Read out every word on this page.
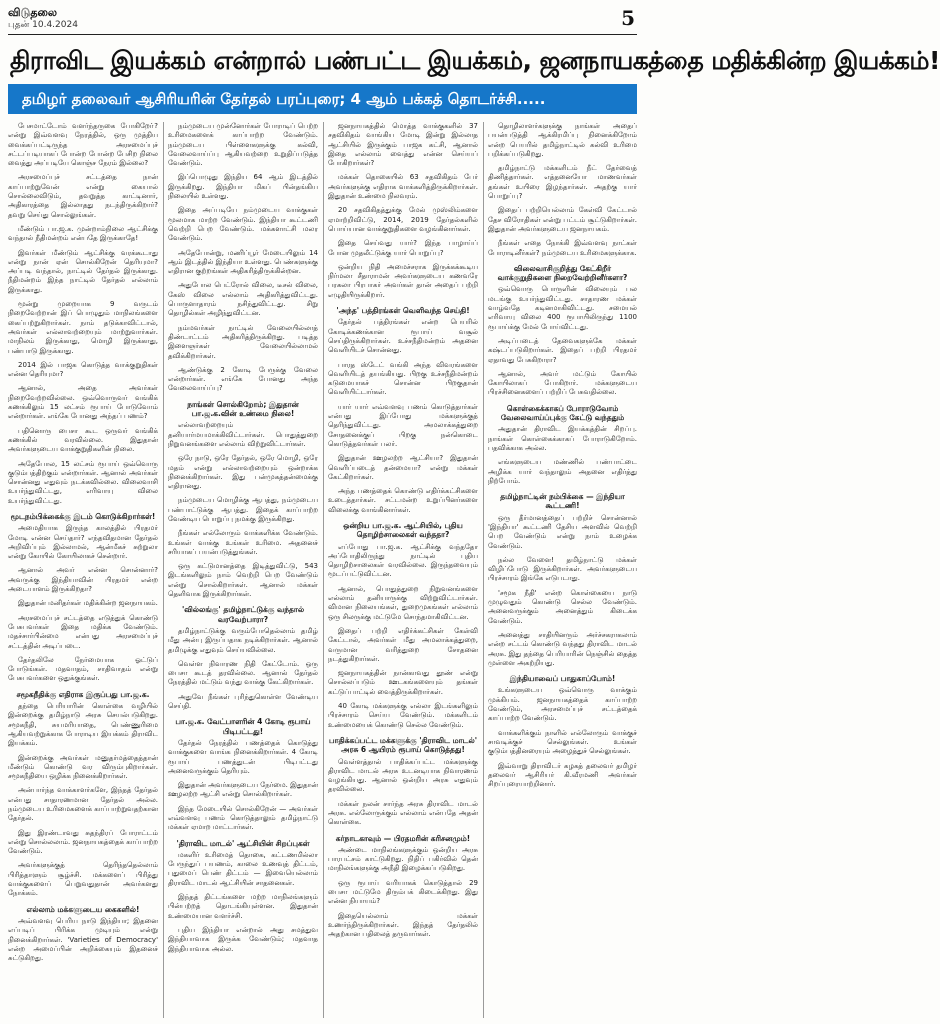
விடுதலை
புதன் 10.4.2024	5
திராவிட இயக்கம் என்றால் பண்பட்ட இயக்கம், ஜனநாயகத்தை மதிக்கின்ற இயக்கம்!
தமிழர் தலைவர் ஆசிரியரின் தேர்தல் பரப்புரை; 4 ஆம் பக்கத் தொடர்ச்சி.....

பேசமாட்டோம் வளர்ந்தருகை போகிறோ்? என்று இவ்வளவு நேரத்தில், ஒரு முத்திய வைக்கப்பட்டிருந்த அரசமைப்புச் சட்டப்படியாகப் போன்ற போன்ற பேசிற நிலை வைத்து அப்படியே கொஞ்ச நேரம் இல்லை?

அரசமைப்புச் சட்டத்தை நான் காப்பாற்றுவேன் என்று கையால் சொல்லைவிடும், தவறுத்த காட்டினார், அதிகாரத்தை இல்லாதது நடந்திருக்கிறார்? தவறு செய்து சொல்லுங்கள்.

மீண்டும் பா.ஜ.க. முன்றாம்நிலை ஆட்சிக்கு வந்தால் நீதிமன்றம் என்பதே இருக்காதே!

இவர்கள் மீண்டும் ஆட்சிக்கு வரக்கூடாது என்று நான் ஏன் சொல்கிறேன் தெரியுமா? அப்படி வந்தால், நாட்டில் தேர்தல் இருக்காது. நீதிமன்றம் இந்த நாட்டில் தேர்தல் எல்லாம் இருக்காது.

மூன்று முறையாக 9 வருடம் நிறைவேற்றான் இப் பொழுதும் மாநிலங்களை கைப்பற்றுகிறார்கள். நாம் தடுக்காவிட்டால், அவர்கள் எல்லாவற்றையும் மாற்றுவார்கள். மாநிலம் இருக்காது, மொழி இருக்காது, பண்பாடு இருக்காது.

2014 இல் பாஜக கொடுத்த வாக்குறுதிகள் என்ன தெரியுமா?

ஆனால், அதை அவர்கள் நிறைவேற்றவில்லை. ஒவ்வொருவர் வங்கிக் கணக்கிலும் 15 லட்சம் ரூபாய் போடுவோம் என்றார்கள். எங்கே போனது அந்தப் பணம்?

பதினொரு பைசா கூட ஒருவர் வங்கிக் கணக்கில் வரவில்லை. இதுதான் அவர்களுடைய வாக்குறுதிகளின் நிலை.

அதேபோல, 15 லட்சம் ரூபாய் ஒவ்வொரு குடும்பத்திற்கும் என்றார்கள். ஆனால் அவர்கள் சொன்னது எதுவும் நடக்கவில்லை. விலைவாசி உயர்ந்துவிட்டது, எரிவாயு விலை உயர்ந்துவிட்டது.

மூடநம்பிக்கைக்கு இடம் கொடுக்கிறார்கள்!

அமைதியாக இருந்த காலத்தில் பிரதமர் மோடி என்ன செய்தார்? எந்தவிதமான தேர்தல் அறிவிப்பும் இல்லாமல், ஆன்மீகச் சுற்றுலா என்று கோயில் கோயிலாகச் சென்றார்.

ஆனால் அவர் என்ன சொன்னார்? அவருக்கு இந்தியாவின் பிரதமர் என்ற அடையாளம் இருக்கிறதா?

இதுதான் மனிதர்கள் மதிக்கின்ற ஜனநாயகம்.

அரசமைப்புச் சட்டத்தை எடுத்துக் கொண்டு பேசுபவர்கள் இதை மதிக்க வேண்டும். மதச்சார்பின்மை என்பது அரசமைப்புச் சட்டத்தின் அடிப்படை.

தேர்தலிலே நேர்மையாக ஓட்டுப் போடுங்கள். மதவாதம், சாதிவாதம் என்று பேசுபவர்களை ஒதுக்குங்கள்.

சமூகநீதிக்கு எதிராக இருப்பது பா.ஜ.க.

தந்தை பெரியாரின் கொள்கை வழியில் இன்றைக்கு தமிழ்நாடு அரசு செயல்படுகிறது. சமூகநீதி, சுயமரியாதை, பெண்ணுரிமை ஆகியவற்றுக்காக போராடிய இயக்கம் திராவிட இயக்கம்.

இன்றைக்கு அவர்கள் மனுதர்மத்தைத்தான் மீண்டும் கொண்டு வர விரும்புகிறார்கள். சமூகநீதியை ஒழிக்க நினைக்கிறார்கள்.

அன்பார்ந்த வாக்காளர்களே, இந்தத் தேர்தல் என்பது சாதாரணமான தேர்தல் அல்ல. நம்முடைய உரிமைகளைக் காப்பாற்றுவதற்கான தேர்தல்.

இது இரண்டாவது சுதந்திரப் போராட்டம் என்று சொல்லலாம். ஜனநாயகத்தைக் காப்பாற்ற வேண்டும்.

அவர்களுக்குத் தெரிந்ததெல்லாம் பிரித்தாளும் சூழ்ச்சி. மக்களைப் பிரித்து வாக்குகளைப் பெறுவதுதான் அவர்களது நோக்கம்.

எல்லாம் மக்களுடைய கைகளில்!

அவ்வளவு பெரிய நாடு இந்தியா; இதனை எப்படிப் பிரிக்க முடியும் என்று நினைக்கிறார்கள். 'Varieties of Democracy' என்ற அமைப்பின் அறிக்கையும் இதனைச் சுட்டுகிறது.

நம்முடைய முன்னோர்கள் போராடிப் பெற்ற உரிமைகளைக் காப்பாற்ற வேண்டும். நம்முடைய பிள்ளைகளுக்கு கல்வி, வேலைவாய்ப்பு ஆகியவற்றை உறுதிப்படுத்த வேண்டும்.

இப்பொழுது இந்திய 64 ஆம் இடத்தில் இருக்கிறது. இந்தியா மிகப் பின்தங்கிய நிலையில் உள்ளது.

இதை அப்படியே நம்முடைய வாக்குகள் மூலமாக மாற்ற வேண்டும். இந்தியா கூட்டணி வெற்றி பெற வேண்டும். மக்களாட்சி மலர வேண்டும்.

அதேபோன்று, மணிப்பூர் மேடையிலும் 14 ஆம் இடத்தில் இந்தியா உள்ளது. பெண்களுக்கு எதிரான குற்றங்கள் அதிகரித்திருக்கின்றன.

அதுபோல பெட்ரோல் விலை, டீசல் விலை, கேஸ் விலை எல்லாம் அதிகரித்துவிட்டது. பொருளாதாரம் நசிந்துவிட்டது. சிறு தொழில்கள் அழிந்துவிட்டன.

நம்மவர்கள் நாட்டில் வேலையில்லாத் திண்டாட்டம் அதிகரித்திருக்கிறது. படித்த இளைஞர்கள் வேலையில்லாமல் தவிக்கிறார்கள்.

ஆண்டுக்கு 2 கோடி பேருக்கு வேலை என்றார்கள். எங்கே போனது அந்த வேலைவாய்ப்பு?

நாங்கள் சொல்கிறோம்; இதுதான் பா.ஜ.க.வின் உண்மை நிலை!

எல்லாவற்றையும் தனியார்மயமாக்கிவிட்டார்கள். பொதுத்துறை நிறுவனங்களை எல்லாம் விற்றுவிட்டார்கள்.

ஒரே நாடு, ஒரே தேர்தல், ஒரே மொழி, ஒரே மதம் என்று எல்லாவற்றையும் ஒன்றாக்க நினைக்கிறார்கள். இது பன்முகத்தன்மைக்கு எதிரானது.

நம்முடைய மொழிக்கு ஆபத்து, நம்முடைய பண்பாட்டுக்கு ஆபத்து. இதைக் காப்பாற்ற வேண்டிய பொறுப்பு நமக்கு இருக்கிறது.

நீங்கள் எல்லோரும் வாக்களிக்க வேண்டும். உங்கள் வாக்கு உங்கள் உரிமை. அதனைச் சரியாகப் பயன்படுத்துங்கள்.

ஒரு கட்டுமானத்தை இடித்துவிட்டு, 543 இடங்களிலும் நாம் வெற்றி பெற வேண்டும் என்று சொல்கிறார்கள். ஆனால் மக்கள் தெளிவாக இருக்கிறார்கள்.

'வில்லங்கு' தமிழ்நாட்டுக்கு வந்தால் வரவேற்பாரா?

தமிழ்நாட்டுக்கு வரும்போதெல்லாம் தமிழ் மீது அன்பு இருப்பதாக நடிக்கிறார்கள். ஆனால் தமிழுக்கு எதுவும் செய்யவில்லை.

வெள்ள நிவாரண நிதி கேட்டோம். ஒரு பைசா கூடத் தரவில்லை. ஆனால் தேர்தல் நேரத்தில் மட்டும் வந்து வாக்கு கேட்கிறார்கள்.

அதுவே நீங்கள் புரிந்துகொள்ள வேண்டிய செய்தி.

பா.ஜ.க. வேட்பாளரின் 4 கோடி ரூபாய் பிடிபட்டது!

தேர்தல் நேரத்தில் பணத்தைக் கொடுத்து வாக்குகளை வாங்க நினைக்கிறார்கள். 4 கோடி ரூபாய் பணத்துடன் பிடிபட்டது அனைவருக்கும் தெரியும்.

இதுதான் அவர்களுடைய நேர்மை. இதுதான் ஊழலற்ற ஆட்சி என்று சொல்கிறார்கள்.

இந்த மேடையில் சொல்கிறேன் — அவர்கள் எவ்வளவு பணம் கொடுத்தாலும் தமிழ்நாட்டு மக்கள் ஏமாற மாட்டார்கள்.

'திராவிட மாடல்' ஆட்சியின் சிறப்புகள்

மகளிர் உரிமைத் தொகை, கட்டணமில்லா பேருந்துப் பயணம், காலை உணவுத் திட்டம், புதுமைப் பெண் திட்டம் — இவையெல்லாம் திராவிட மாடல் ஆட்சியின் சாதனைகள்.

இந்தத் திட்டங்களை மற்ற மாநிலங்களும் பின்பற்றத் தொடங்கியுள்ளன. இதுதான் உண்மையான வளர்ச்சி.

புதிய இந்தியா என்றால் அது சமத்துவ இந்தியாவாக இருக்க வேண்டும்; மதவாத இந்தியாவாக அல்ல.

ஜனநாயகத்தில் மொத்த வாக்குகளில் 37 சதவிகிதம் வாங்கிய மோடி இன்று இல்லாத ஆட்சியில் இருக்கும் பாஜக கட்சி, ஆனால் இதை எல்லாம் வைத்து என்ன செய்யப் போகிறார்கள்?

மக்கள் தொகையில் 63 சதவிகிதம் பேர் அவர்களுக்கு எதிராக வாக்களித்திருக்கிறார்கள். இதுதான் உண்மை நிலவரம்.

20 சதவிகிதத்துக்கு மேல் முஸ்லிம்களை ஏமாற்றிவிட்டு, 2014, 2019 தேர்தல்களில் பொய்யான வாக்குறுதிகளை வழங்கினார்கள்.

இதை செய்வது யார்? இந்த பாழாய்ப் போன முதலீட்டுக்கு யார் பொறுப்பு?

ஒன்றிய நிதி அமைச்சராக இருக்கக்கூடிய நிர்மலா சீதாராமன் அவர்களுடைய கணவரே பரகலா பிரபாகர் அவர்கள் தான் அதைப் பற்றி எழுதியிருக்கிறார்.

'அந்த' பத்திரங்கள் வெளிவந்த செய்தி!

தேர்தல் பத்திரங்கள் என்ற பெயரில் கோடிக்கணக்கான ரூபாய் வசூல் செய்திருக்கிறார்கள். உச்சநீதிமன்றம் அதனை வெளியிடச் சொன்னது.

பாரத ஸ்டேட் வங்கி அந்த விவரங்களை வெளியிடத் தயங்கியது. பிறகு உச்சநீதிமன்றம் கடுமையாகச் சொன்ன பிறகுதான் வெளியிட்டார்கள்.

யார் யார் எவ்வளவு பணம் கொடுத்தார்கள் என்பது இப்போது மக்களுக்குத் தெரிந்துவிட்டது. அமலாக்கத்துறை சோதனைக்குப் பிறகு நன்கொடை கொடுத்தவர்கள் பலர்.

இதுதான் ஊழலற்ற ஆட்சியா? இதுதான் வெளிப்படைத் தன்மையா? என்று மக்கள் கேட்கிறார்கள்.

அந்த பணத்தைக் கொண்டு எதிர்க்கட்சிகளை உடைத்தார்கள். சட்டமன்ற உறுப்பினர்களை விலைக்கு வாங்கினார்கள்.

ஒன்றிய பா.ஜ.க. ஆட்சியில், புதிய தொழிற்சாலைகள் வந்ததா?

எப்போது பா.ஜ.க. ஆட்சிக்கு வந்ததோ அப்போதிலிருந்து நாட்டில் புதிய தொழிற்சாலைகள் வரவில்லை. இருந்தவையும் மூடப்பட்டுவிட்டன.

ஆனால், பொதுத்துறை நிறுவனங்களை எல்லாம் தனியாருக்கு விற்றுவிட்டார்கள். விமான நிலையங்கள், துறைமுகங்கள் எல்லாம் ஒரு சிலருக்கு மட்டுமே சொந்தமாகிவிட்டன.

இதைப் பற்றி எதிர்க்கட்சிகள் கேள்வி கேட்டால், அவர்கள் மீது அமலாக்கத்துறை, வருமான வரித்துறை சோதனை நடத்துகிறார்கள்.

ஜனநாயகத்தின் நான்காவது தூண் என்று சொல்லப்படும் ஊடகங்களையும் தங்கள் கட்டுப்பாட்டில் வைத்திருக்கிறார்கள்.

40 கோடி மக்களுக்கு எல்லா இடங்களிலும் பிரச்சாரம் செய்ய வேண்டும். மக்களிடம் உண்மையைக் கொண்டு செல்ல வேண்டும்.

பாதிக்கப்பட்ட மக்களுக்கு 'திராவிட மாடல்' அரசு 6 ஆயிரம் ரூபாய் கொடுத்தது!

வெள்ளத்தால் பாதிக்கப்பட்ட மக்களுக்கு திராவிட மாடல் அரசு உடனடியாக நிவாரணம் வழங்கியது. ஆனால் ஒன்றிய அரசு எதுவும் தரவில்லை.

மக்கள் நலன் சார்ந்த அரசு திராவிட மாடல் அரசு. எல்லோருக்கும் எல்லாம் என்பதே அதன் கொள்கை.

கர்நாடகாவும் — பிரதமரின் கரிசனமும்!

அண்டை மாநிலங்களுக்கும் ஒன்றிய அரசு பாரபட்சம் காட்டுகிறது. நிதிப் பகிர்வில் தென் மாநிலங்களுக்கு அநீதி இழைக்கப்படுகிறது.

ஒரு ரூபாய் வரியாகக் கொடுத்தால் 29 பைசா மட்டுமே திரும்பக் கிடைக்கிறது. இது என்ன நியாயம்?

இதையெல்லாம் மக்கள் உணர்ந்திருக்கிறார்கள். இந்தத் தேர்தலில் அதற்கான பதிலைத் தருவார்கள்.

தொழிலாளர்களுக்கு நாங்கள் அதைப் பயன்படுத்தி ஆக்கிரமிப்பு நினைக்கிறோம் என்ற பெயரில் தமிழ்நாட்டில் கல்வி உரிமை பறிக்கப்படுகிறது.

தமிழ்நாட்டு மக்களிடம் நீட் தேர்வைத் திணித்தார்கள். எத்தனையோ மாணவர்கள் தங்கள் உயிரை இழந்தார்கள். அதற்கு யார் பொறுப்பு?

இதைப் பற்றியெல்லாம் கேள்வி கேட்டால் தேச விரோதிகள் என்று பட்டம் சூட்டுகிறார்கள். இதுதான் அவர்களுடைய ஜனநாயகம்.

நீங்கள் எதை நோக்கி இவ்வளவு நாட்கள் போராடினீர்கள்? நம்முடைய உரிமைகளுக்காக.

விலைவாசிகுறித்து கேட்கிறீர் வாக்குறுதிகளை நிறைவேற்றினீர்களா?

ஒவ்வொரு பொருளின் விலையும் பல மடங்கு உயர்ந்துவிட்டது. சாதாரண மக்கள் வாழ்வதே கடினமாகிவிட்டது. சமையல் எரிவாயு விலை 400 ரூபாயிலிருந்து 1100 ரூபாய்க்கு மேல் போய்விட்டது.

அடிப்படைத் தேவைகளுக்கே மக்கள் கஷ்டப்படுகிறார்கள். இதைப் பற்றி பிரதமர் ஏதாவது பேசுகிறாரா?

ஆனால், அவர் மட்டும் கோயில் கோயிலாகப் போகிறார். மக்களுடைய பிரச்சினைகளைப் பற்றிப் பேசுவதில்லை.

கொள்கைக்காகப் போராடுவோம் வேலைவாய்ப்புக்கு கேட்டு வந்ததும்

அதுதான் திராவிட இயக்கத்தின் சிறப்பு. நாங்கள் கொள்கைக்காகப் போராடுகிறோம். பதவிக்காக அல்ல.

எங்களுடைய மண்ணில் பண்பாட்டை அழிக்க யார் வந்தாலும் அதனை எதிர்த்து நிற்போம்.

தமிழ்நாட்டின் நம்பிக்கை — இந்தியா கூட்டணி!

ஒரு தீர்மானத்தைப் பற்றிச் சொன்னால் 'இந்தியா' கூட்டணி தேசிய அளவில் வெற்றி பெற வேண்டும் என்று நாம் உழைக்க வேண்டும்.

நல்ல வேளை! தமிழ்நாட்டு மக்கள் விழிப்போடு இருக்கிறார்கள். அவர்களுடைய பிரச்சாரம் இங்கே எடுபடாது.

'சமூக நீதி' என்ற கொள்கையை நாடு முழுவதும் கொண்டு செல்ல வேண்டும். அனைவருக்கும் அனைத்தும் கிடைக்க வேண்டும்.

அனைத்து சாதியினரும் அர்ச்சகராகலாம் என்ற சட்டம் கொண்டு வந்தது திராவிட மாடல் அரசு. இது தந்தை பெரியாரின் நெஞ்சில் தைத்த முள்ளை அகற்றியது.

இந்தியாவைப் பாதுகாப்போம்!

உங்களுடைய ஒவ்வொரு வாக்கும் முக்கியம். ஜனநாயகத்தைக் காப்பாற்ற வேண்டும், அரசமைப்புச் சட்டத்தைக் காப்பாற்ற வேண்டும்.

வாக்களிக்கும் நாளில் எல்லோரும் வாக்குச் சாவடிக்குச் செல்லுங்கள். உங்கள் குடும்பத்தினரையும் அழைத்துச் செல்லுங்கள்.

இவ்வாறு திராவிடர் கழகத் தலைவர் தமிழர் தலைவர் ஆசிரியர் கி.வீரமணி அவர்கள் சிறப்புரையாற்றினார்.
